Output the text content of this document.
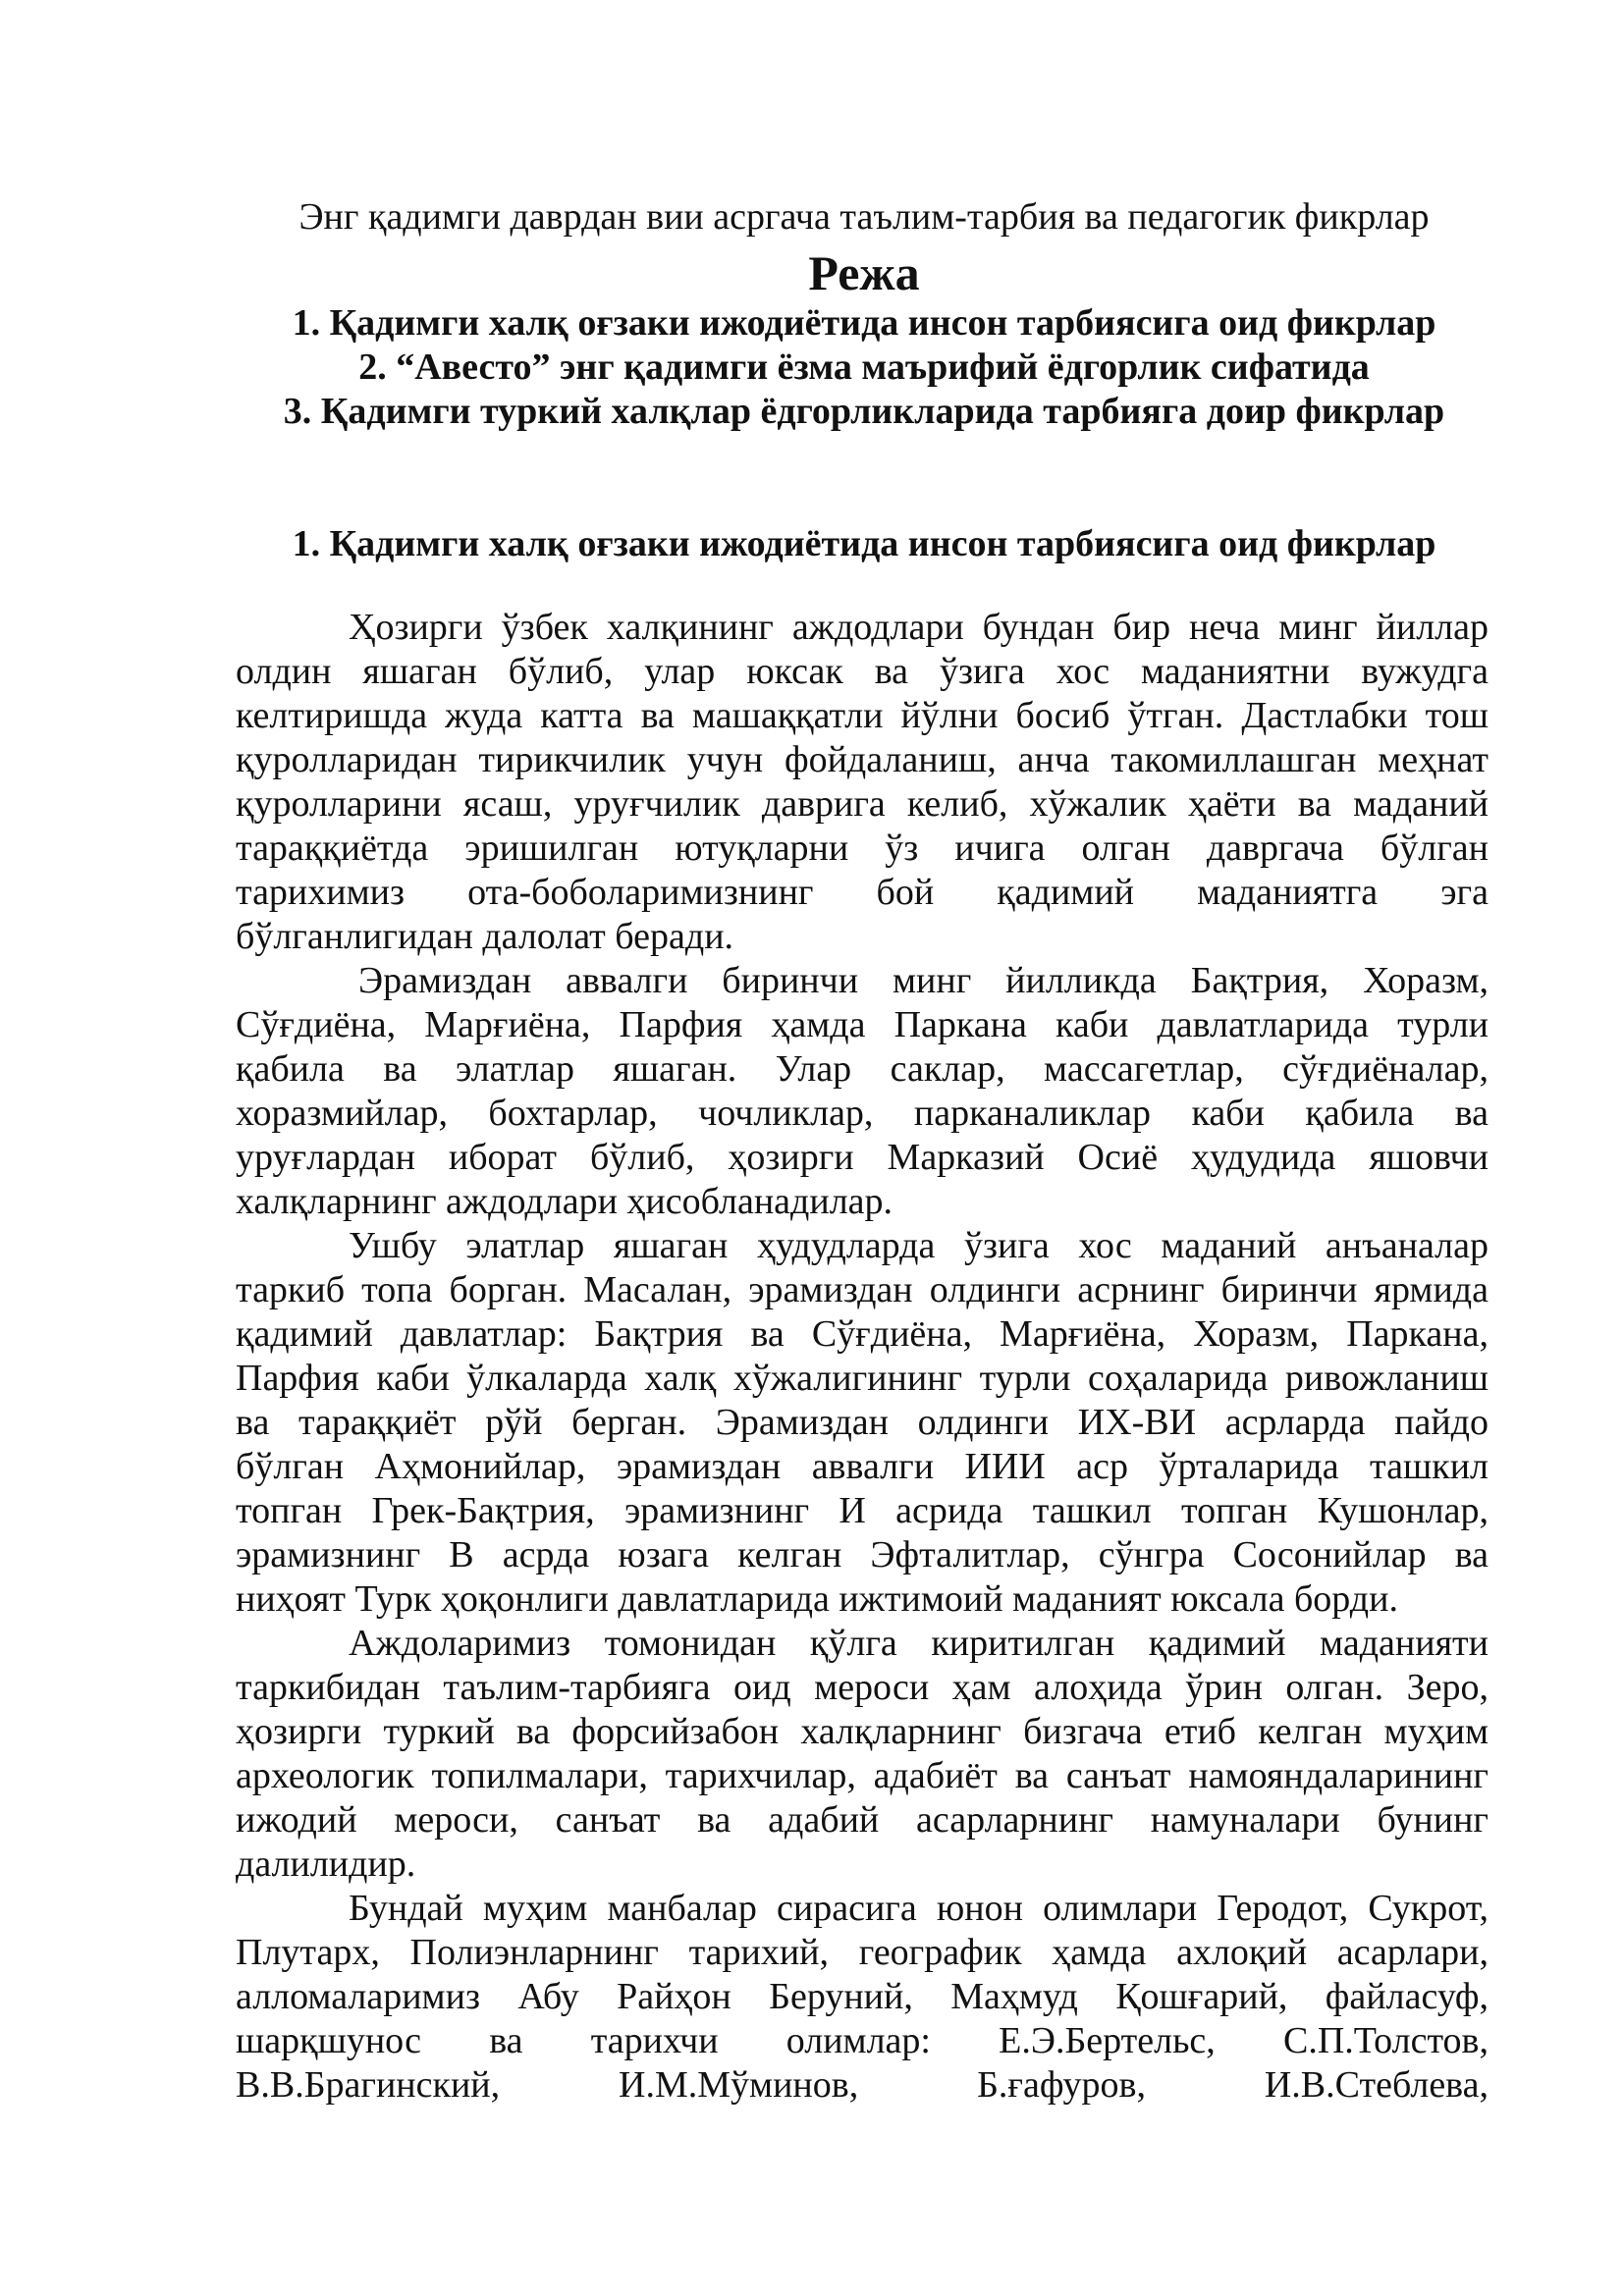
Энг қадимги даврдан вии асргача таълим-тарбия ва педагогик фикрлар
Режа
1. Қадимги халқ оғзаки ижодиётида инсон тарбиясига оид фикрлар
2. “Авесто” энг қадимги ёзма маърифий ёдгорлик сифатида
3. Қадимги туркий халқлар ёдгорликларида тарбияга доир фикрлар
1. Қадимги халқ оғзаки ижодиётида инсон тарбиясига оид фикрлар

Ҳозирги ўзбек халқининг аждодлари бундан бир неча минг йиллар
олдин яшаган бўлиб, улар юксак ва ўзига хос маданиятни вужудга
келтиришда жуда катта ва машаққатли йўлни босиб ўтган. Дастлабки тош
қуролларидан тирикчилик учун фойдаланиш, анча такомиллашган меҳнат
қуролларини ясаш, уруғчилик даврига келиб, хўжалик ҳаёти ва маданий
тараққиётда эришилган ютуқларни ўз ичига олган давргача бўлган
тарихимиз ота-боболаримизнинг бой қадимий маданиятга эга
бўлганлигидан далолат беради.

Эрамиздан аввалги биринчи минг йилликда Бақтрия, Хоразм,
Сўғдиёна, Марғиёна, Парфия ҳамда Паркана каби давлатларида турли
қабила ва элатлар яшаган. Улар саклар, массагетлар, сўғдиёналар,
хоразмийлар, бохтарлар, чочликлар, парканаликлар каби қабила ва
уруғлардан иборат бўлиб, ҳозирги Марказий Осиё ҳудудида яшовчи
халқларнинг аждодлари ҳисобланадилар.

Ушбу элатлар яшаган ҳудудларда ўзига хос маданий анъаналар
таркиб топа борган. Масалан, эрамиздан олдинги асрнинг биринчи ярмида
қадимий давлатлар: Бақтрия ва Сўғдиёна, Марғиёна, Хоразм, Паркана,
Парфия каби ўлкаларда халқ хўжалигининг турли соҳаларида ривожланиш
ва тараққиёт рўй берган. Эрамиздан олдинги ИХ-ВИ асрларда пайдо
бўлган Аҳмонийлар, эрамиздан аввалги ИИИ аср ўрталарида ташкил
топган Грек-Бақтрия, эрамизнинг И асрида ташкил топган Кушонлар,
эрамизнинг В асрда юзага келган Эфталитлар, сўнгра Сосонийлар ва
ниҳоят Турк ҳоқонлиги давлатларида ижтимоий маданият юксала борди.

Аждоларимиз томонидан қўлга киритилган қадимий маданияти
таркибидан таълим-тарбияга оид мероси ҳам алоҳида ўрин олган. Зеро,
ҳозирги туркий ва форсийзабон халқларнинг бизгача етиб келган муҳим
археологик топилмалари, тарихчилар, адабиёт ва санъат намояндаларининг
ижодий мероси, санъат ва адабий асарларнинг намуналари бунинг
далилидир.

Бундай муҳим манбалар сирасига юнон олимлари Геродот, Сукрот,
Плутарх, Полиэнларнинг тарихий, географик ҳамда ахлоқий асарлари,
алломаларимиз Абу Райҳон Беруний, Маҳмуд Қошғарий, файласуф,
шарқшунос ва тарихчи олимлар: Е.Э.Бертельс, С.П.Толстов,
В.В.Брагинский, И.М.Мўминов, Б.ғафуров, И.В.Стеблева,
